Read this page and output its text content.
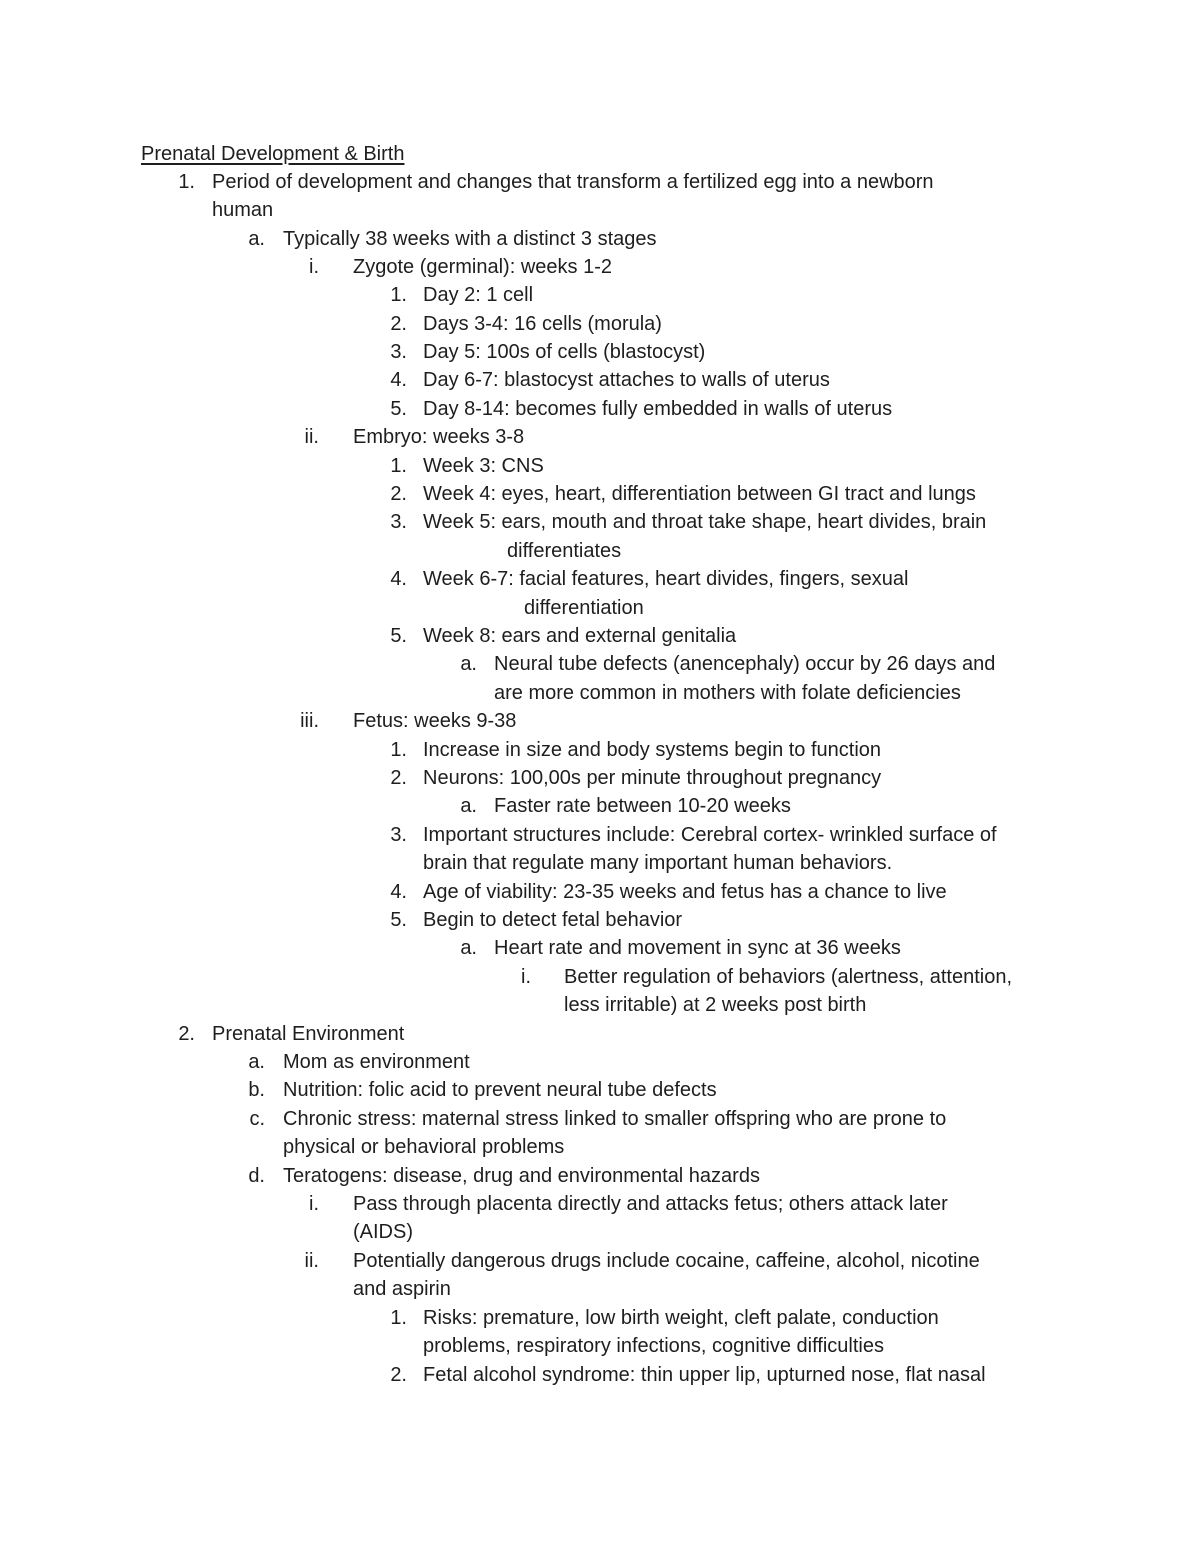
Prenatal Development & Birth
1. Period of development and changes that transform a fertilized egg into a newborn
human
a. Typically 38 weeks with a distinct 3 stages
i. Zygote (germinal): weeks 1-2
1. Day 2: 1 cell
2. Days 3-4: 16 cells (morula)
3. Day 5: 100s of cells (blastocyst)
4. Day 6-7: blastocyst attaches to walls of uterus
5. Day 8-14: becomes fully embedded in walls of uterus
ii. Embryo: weeks 3-8
1. Week 3: CNS
2. Week 4: eyes, heart, differentiation between GI tract and lungs
3. Week 5: ears, mouth and throat take shape, heart divides, brain
differentiates
4. Week 6-7: facial features, heart divides, fingers, sexual
differentiation
5. Week 8: ears and external genitalia
a. Neural tube defects (anencephaly) occur by 26 days and
are more common in mothers with folate deficiencies
iii. Fetus: weeks 9-38
1. Increase in size and body systems begin to function
2. Neurons: 100,00s per minute throughout pregnancy
a. Faster rate between 10-20 weeks
3. Important structures include: Cerebral cortex- wrinkled surface of
brain that regulate many important human behaviors.
4. Age of viability: 23-35 weeks and fetus has a chance to live
5. Begin to detect fetal behavior
a. Heart rate and movement in sync at 36 weeks
i. Better regulation of behaviors (alertness, attention,
less irritable) at 2 weeks post birth
2. Prenatal Environment
a. Mom as environment
b. Nutrition: folic acid to prevent neural tube defects
c. Chronic stress: maternal stress linked to smaller offspring who are prone to
physical or behavioral problems
d. Teratogens: disease, drug and environmental hazards
i. Pass through placenta directly and attacks fetus; others attack later
(AIDS)
ii. Potentially dangerous drugs include cocaine, caffeine, alcohol, nicotine
and aspirin
1. Risks: premature, low birth weight, cleft palate, conduction
problems, respiratory infections, cognitive difficulties
2. Fetal alcohol syndrome: thin upper lip, upturned nose, flat nasal
